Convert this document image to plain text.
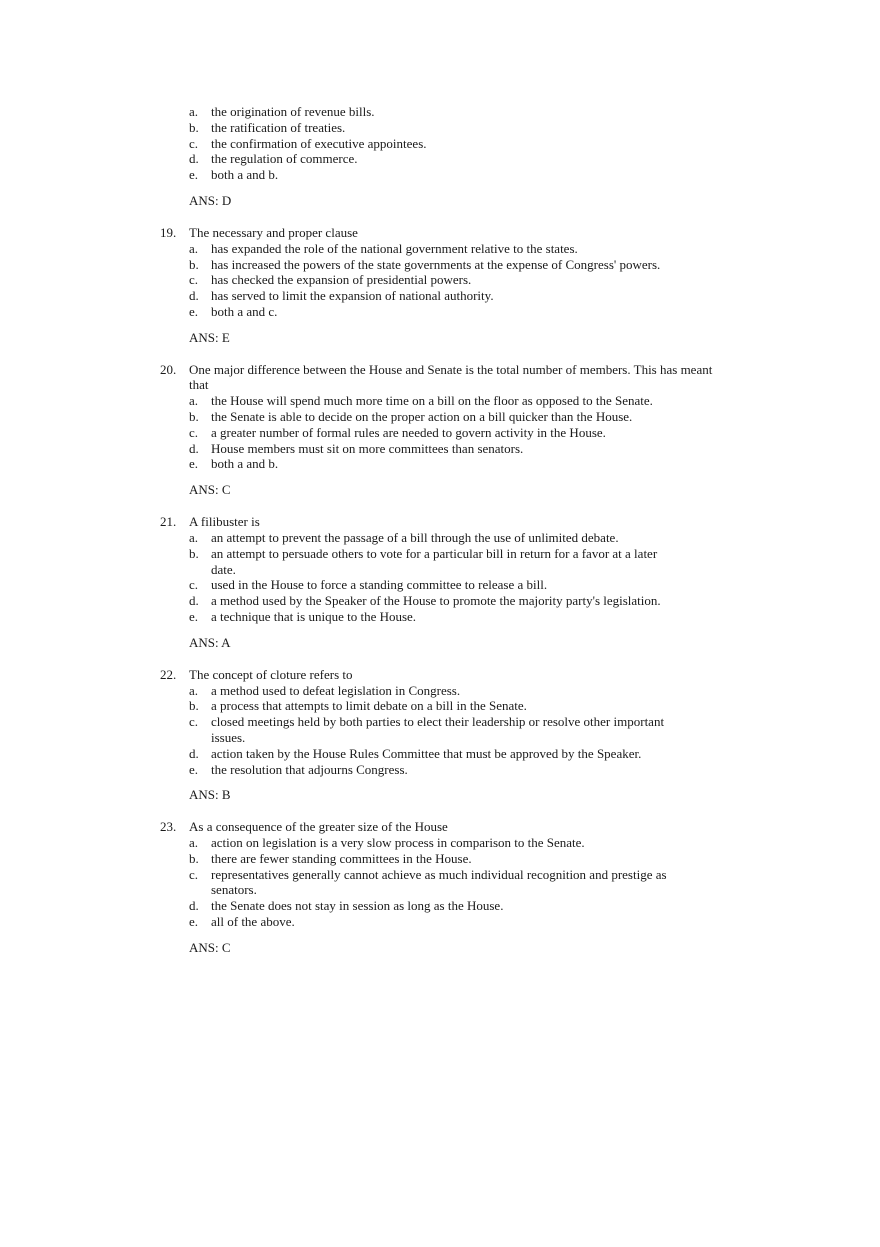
a. the origination of revenue bills.
b. the ratification of treaties.
c. the confirmation of executive appointees.
d. the regulation of commerce.
e. both a and b.
ANS: D
19. The necessary and proper clause
a. has expanded the role of the national government relative to the states.
b. has increased the powers of the state governments at the expense of Congress' powers.
c. has checked the expansion of presidential powers.
d. has served to limit the expansion of national authority.
e. both a and c.
ANS: E
20. One major difference between the House and Senate is the total number of members. This has meant
that
a. the House will spend much more time on a bill on the floor as opposed to the Senate.
b. the Senate is able to decide on the proper action on a bill quicker than the House.
c. a greater number of formal rules are needed to govern activity in the House.
d. House members must sit on more committees than senators.
e. both a and b.
ANS: C
21. A filibuster is
a. an attempt to prevent the passage of a bill through the use of unlimited debate.
b. an attempt to persuade others to vote for a particular bill in return for a favor at a later
date.
c. used in the House to force a standing committee to release a bill.
d. a method used by the Speaker of the House to promote the majority party's legislation.
e. a technique that is unique to the House.
ANS: A
22. The concept of cloture refers to
a. a method used to defeat legislation in Congress.
b. a process that attempts to limit debate on a bill in the Senate.
c. closed meetings held by both parties to elect their leadership or resolve other important
issues.
d. action taken by the House Rules Committee that must be approved by the Speaker.
e. the resolution that adjourns Congress.
ANS: B
23. As a consequence of the greater size of the House
a. action on legislation is a very slow process in comparison to the Senate.
b. there are fewer standing committees in the House.
c. representatives generally cannot achieve as much individual recognition and prestige as
senators.
d. the Senate does not stay in session as long as the House.
e. all of the above.
ANS: C
